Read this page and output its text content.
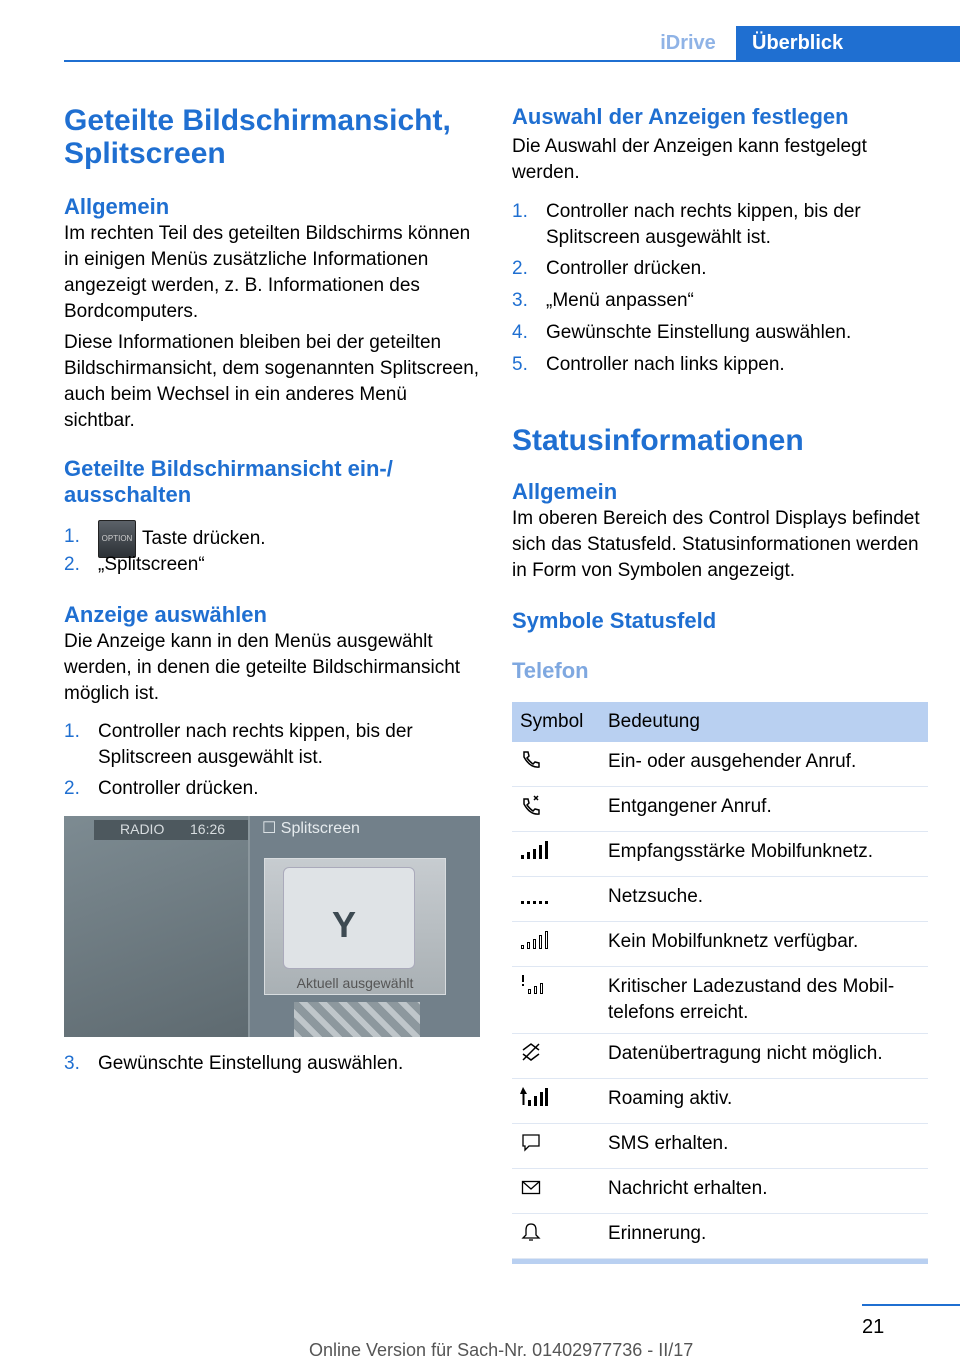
iDrive	Überblick
Geteilte Bildschirmansicht, Splitscreen
Allgemein

Im rechten Teil des geteilten Bildschirms können in einigen Menüs zusätzliche Informationen angezeigt werden, z. B. Informationen des Bordcomputers.

Diese Informationen bleiben bei der geteilten Bildschirmansicht, dem sogenannten Splitscreen, auch beim Wechsel in ein anderes Menü sichtbar.

Geteilte Bildschirmansicht ein-/ ausschalten
1.	OPTION Taste drücken.
2. „Splitscreen“
Anzeige auswählen

Die Anzeige kann in den Menüs ausgewählt werden, in denen die geteilte Bildschirmansicht möglich ist.

1. Controller nach rechts kippen, bis der Splitscreen ausgewählt ist.
2. Controller drücken.
RADIO 16:26 ☐ Splitscreen
Y
Aktuell ausgewählt
3. Gewünschte Einstellung auswählen.
Auswahl der Anzeigen festlegen

Die Auswahl der Anzeigen kann festgelegt werden.

1. Controller nach rechts kippen, bis der Splitscreen ausgewählt ist.
2. Controller drücken.
3. „Menü anpassen“
4. Gewünschte Einstellung auswählen.
5. Controller nach links kippen.
Statusinformationen
Allgemein

Im oberen Bereich des Control Displays befindet sich das Statusfeld. Statusinformationen werden in Form von Symbolen angezeigt.

Symbole Statusfeld
Telefon
Symbol	Bedeutung
	Ein- oder ausgehender Anruf.
	Entgangener Anruf.
	Empfangsstärke Mobilfunknetz.
	Netzsuche.
	Kein Mobilfunknetz verfügbar.
	Kritischer Ladezustand des Mobiltelefons erreicht.
	Datenübertragung nicht möglich.
	Roaming aktiv.
	SMS erhalten.
	Nachricht erhalten.
	Erinnerung.
21
Online Version für Sach-Nr. 01402977736 - II/17
